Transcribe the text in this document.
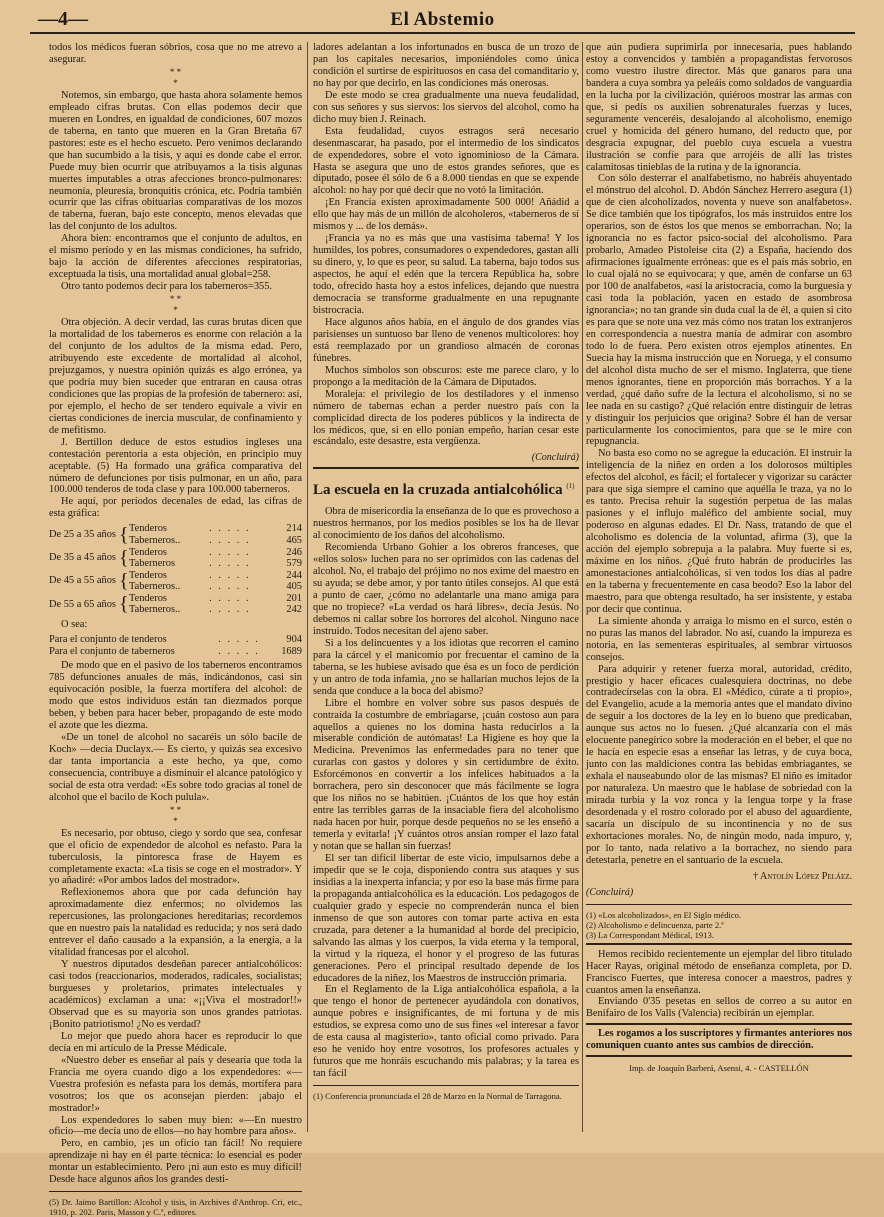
—4—	El Abstemio

todos los médicos fueran sóbrios, cosa que no me atrevo a asegurar.

* *
*

Notemos, sin embargo, que hasta ahora solamente hemos empleado cifras brutas. Con ellas podemos decir que mueren en Londres, en igualdad de condiciones, 607 mozos de taberna, en tanto que mueren en la Gran Bretaña 67 pastores: este es el hecho escueto. Pero venimos declarando que han sucumbido a la tisis, y aquí es donde cabe el error. Puede muy bien ocurrir que atribuyamos a la tisis algunas muertes imputables a otras afecciones bronco-pulmonares: neumonía, pleuresía, bronquitis crónica, etc. Podría también ocurrir que las cifras obituarias comparativas de los mozos de taberna, fueran, bajo este concepto, menos elevadas que las del conjunto de los adultos.

Ahora bien: encontramos que el conjunto de adultos, en el mismo período y en las mismas condiciones, ha sufrido, bajo la acción de diferentes afecciones respiratorias, exceptuada la tisis, una mortalidad anual global=258.

Otro tanto podemos decir para los taberneros=355.

* *
*

Otra objeción. A decir verdad, las curas brutas dicen que la mortalidad de los taberneros es enorme con relación a la del conjunto de los adultos de la misma edad. Pero, atribuyendo este excedente de mortalidad al alcohol, prejuzgamos, y nuestra opinión quizás es algo errónea, ya que podría muy bien suceder que entraran en causa otras condiciones que las propias de la profesión de tabernero: así, por ejemplo, el hecho de ser tendero equivale a vivir en ciertas condiciones de inercia muscular, de confinamiento y de mefitismo.

J. Bertillon deduce de estos estudios ingleses una contestación perentoria a esta objeción, en principio muy aceptable. (5) Ha formado una gráfica comparativa del número de defunciones por tisis pulmonar, en un año, para 100.000 tenderos de toda clase y para 100.000 taberneros.

He aquí, por períodos decenales de edad, las cifras de esta gráfica:

De 25 a 35 años	{	Tenderos	. . . . .	214
		Taberneros..	. . . . .	465
De 35 a 45 años	{	Tenderos	. . . . .	246
		Taberneros	. . . . .	579
De 45 a 55 años	{	Tenderos	. . . . .	244
		Taberneros..	. . . . .	405
De 55 a 65 años	{	Tenderos	. . . . .	201
		Taberneros..	. . . . .	242

O sea:

Para el conjunto de tenderos	. . . . .	904
Para el conjunto de taberneros	. . . . .	1689

De modo que en el pasivo de los taberneros encontramos 785 defunciones anuales de más, indicándonos, casi sin equivocación posible, la fuerza mortífera del alcohol: de modo que estos individuos están tan diezmados porque beben, y beben para hacer beber, propagando de este modo el azote que les diezma.

«De un tonel de alcohol no sacaréis un sólo bacile de Koch» —decía Duclayx.— Es cierto, y quizás sea excesivo dar tanta importancia a este hecho, ya que, como consecuencia, contribuye a disminuir el alcance patológico y social de esta otra verdad: «Es sobre todo gracias al tonel de alcohol que el bacilo de Koch pulula».

* *
*

Es necesario, por obtuso, ciego y sordo que sea, confesar que el oficio de expendedor de alcohol es nefasto. Para la tuberculosis, la pintoresca frase de Hayem es completamente exacta: «La tisis se coge en el mostrador». Y yo añadiré: «Por ambos lados del mostrador».

Reflexionemos ahora que por cada defunción hay aproximadamente diez enfermos; no olvidemos las repercusiones, las prolongaciones hereditarias; recordemos que en nuestro país la natalidad es reducida; y nos será dado entrever el daño causado a la expansión, a la energía, a la vitalidad francesas por el alcohol.

Y nuestros diputados desdeñan parecer antialcohólicos: casi todos (reaccionarios, moderados, radicales, socialistas; burgueses y proletarios, primates intelectuales y académicos) exclaman a una: «¡¡Viva el mostrador!!» Observad que es su mayoría son unos grandes patriotas. ¡Bonito patriotismo! ¿No es verdad?

Lo mejor que puedo ahora hacer es reproducir lo que decía en mi artículo de la Presse Médicale.

«Nuestro deber es enseñar al país y desearía que toda la Francia me oyera cuando digo a los expendedores: «—Vuestra profesión es nefasta para los demás, mortífera para vosotros; los que os aconsejan pierden: ¡abajo el mostrador!»

Los expendedores lo saben muy bien: «—En nuestro oficio—me decía uno de ellos—no hay hombre para años».

Pero, en cambio, ¡es un oficio tan fácil! No requiere aprendizaje ni hay en él parte técnica: lo esencial es poder montar un establecimiento. Pero ¡ni aun esto es muy difícil! Desde hace algunos años los grandes desti-

(5) Dr. Jaimo Bartillon: Alcohol y tisis, in Archives d'Anthrop. Cri, etc., 1910, p. 202. Paris, Masson y C.ª, editores.

ladores adelantan a los infortunados en busca de un trozo de pan los capitales necesarios, imponiéndoles como única condición el surtirse de espirituosos en casa del comanditario y, no hay por que decirlo, en las condiciones más onerosas.

De este modo se crea gradualmente una nueva feudalidad, con sus señores y sus siervos: los siervos del alcohol, como ha dicho muy bien J. Reinach.

Esta feudalidad, cuyos estragos será necesario desenmascarar, ha pasado, por el intermedio de los sindicatos de expendedores, sobre el voto ignominioso de la Cámara. Hasta se asegura que uno de estos grandes señores, que es diputado, posee él sólo de 6 a 8.000 tiendas en que se expende alcohol: no hay por qué decir que no votó la limitación.

¡En Francia existen aproximadamente 500 000! Añádid a ello que hay más de un millón de alcoholeros, «taberneros de sí mismos y ... de los demás».

¡Francia ya no es más que una vastísima taberna! Y los humildes, los pobres, consumadores o expendedores, gastan allí su dinero, y, lo que es peor, su salud. La taberna, bajo todos sus aspectos, he aquí el edén que la tercera República ha, sobre todo, ofrecido hasta hoy a estos infelices, dejando que nuestra democracia se transforme gradualmente en una repugnante bistrocracia.

Hace algunos años había, en el ángulo de dos grandes vías parisienses un suntuoso bar lleno de venenos multicolores: hoy está reemplazado por un grandioso almacén de coronas fúnebres.

Muchos símbolos son obscuros: este me parece claro, y lo propongo a la meditación de la Cámara de Diputados.

Moraleja: el privilegio de los destiladores y el inmenso número de tabernas echan a perder nuestro país con la complicidad directa de los poderes públicos y la indirecta de los médicos, que, si en ello ponían empeño, harían cesar este escándalo, este desastre, esta vergüenza.

(Concluirá)
La escuela en la cruzada antialcohólica $^{(1)}$

Obra de misericordia la enseñanza de lo que es provechoso a nuestros hermanos, por los medios posibles se los ha de llevar al conocimiento de los daños del alcoholismo.

Recomienda Urbano Gohier a los obreros franceses, que «ellos solos» luchen para no ser oprimidos con las cadenas del alcohol. No, el trabajo del prójimo no nos exime del maestro en su ayuda; se debe amor, y por tanto útiles consejos. Al que está a punto de caer, ¿cómo no adelantarle una mano amiga para que no tropiece? «La verdad os hará libres», decía Jesús. No debemos ni callar sobre los horrores del alcohol. Ninguno nace instruido. Todos necesitan del ajeno saber.

Si a los delincuentes y a los idiotas que recorren el camino para la cárcel y el manicomio por frecuentar el camino de la taberna, se les hubiese avisado que ésa es un foco de perdición y un antro de toda infamia, ¿no se hallarían muchos lejos de la senda que conduce a la boca del abismo?

Libre el hombre en volver sobre sus pasos después de contraída la costumbre de embriagarse, ¡cuán costoso aun para aquellos a quienes no los domina hasta reducirlos a la miserable condición de autómatas! La Higiene es hoy que la Medicina. Prevenimos las enfermedades para no tener que curarlas con gastos y dolores y sin certidumbre de éxito. Esforcémonos en convertir a los infelices habituados a la borrachera, pero sin desconocer que más fácilmente se logra que los niños no se habitúen. ¡Cuántos de los que hoy están entre las terribles garras de la insaciable fiera del alcoholismo nada hacen por huir, porque desde pequeños no se les enseñó a temerla y evitarla! ¡Y cuántos otros ansían romper el lazo fatal y notan que se hallan sin fuerzas!

El ser tan difícil libertar de este vicio, impulsarnos debe a impedir que se le coja, disponiendo contra sus ataques y sus insidias a la inexperta infancia; y por eso la base más firme para la propaganda antialcohólica es la educación. Los pedagogos de cualquier grado y especie no comprenderán nunca el bien inmenso de que son autores con tomar parte activa en esta cruzada, para detener a la humanidad al borde del precipicio, salvando las almas y los cuerpos, la vida eterna y la temporal, la virtud y la riqueza, el honor y el progreso de las futuras generaciones. Pero el principal resultado depende de los educadores de la niñez, los Maestros de instrucción primaria.

En el Reglamento de la Liga antialcohólica española, a la que tengo el honor de pertenecer ayudándola con donativos, aunque pobres e insignificantes, de mi fortuna y de mis estudios, se expresa como uno de sus fines «el interesar a favor de esta causa al magisterio», tanto oficial como privado. Para eso he venido hoy entre vosotros, los profesores actuales y futuros que me honráis escuchando mis palabras; y la tarea es tan fácil

(1) Conferencia pronunciada el 28 de Marzo en la Normal de Tarragona.

que aún pudiera suprimirla por innecesaria, pues hablando estoy a convencidos y también a propagandistas fervorosos como vuestro ilustre director. Más que ganaros para una bandera a cuya sombra ya peleáis como soldados de vanguardia en la lucha por la civilización, quiéroos mostrar las armas con que, si pedís os auxilien sobrenaturales fuerzas y luces, seguramente venceréis, desalojando al alcoholismo, enemigo cruel y homicida del género humano, del reducto que, por desgracia expugnar, del pueblo cuya escuela a vuestra ilustración se confíe para que arrojéis de allí las tristes calamitosas tinieblas de la rutina y de la ignorancia.

Con sólo desterrar el analfabetismo, no habréis ahuyentado el mónstruo del alcohol. D. Abdón Sánchez Herrero asegura (1) que de cien alcoholizados, noventa y nueve son analfabetos». Se dice también que los tipógrafos, los más instruidos entre los operarios, son de éstos los que menos se emborrachan. No; la ignorancia no es factor psico-social del alcoholismo. Para probarlo, Amadeo Pistoleise cita (2) a España, haciendo dos afirmaciones igualmente erróneas: que es el país más sobrio, en lo cual ojalá no se equivocara; y que, amén de confarse un 63 por 100 de analfabetos, «así la aristocracia, como la burguesía y casi toda la población, yacen en estado de asombrosa ignorancia»; no tan grande sin duda cual la de él, a quien si cito es para que se note una vez más cómo nos tratan los extranjeros en correspondencia a nuestra manía de admirar con asombro todo lo de fuera. Pero existen otros ejemplos atinentes. En Suecia hay la misma instrucción que en Noruega, y el consumo del alcohol dista mucho de ser el mismo. Inglaterra, que tiene menos ignorantes, tiene en proporción más borrachos. Y a la verdad, ¿qué daño sufre de la lectura el alcoholismo, si no se lee nada en su castigo? ¿Qué relación entre distinguir de letras y distinguir los perjuicios que origina? Sobre él han de versar particularmente los conocimientos, para que se le mire con repugnancia.

No basta eso como no se agregue la educación. El instruir la inteligencia de la niñez en orden a los dolorosos múltiples efectos del alcohol, es fácil; el fortalecer y vigorizar su carácter para que siga siempre el camino que aquélla le traza, ya no lo es tanto. Precisa rehuir la sugestión perpetua de las malas pasiones y el influjo maléfico del ambiente social, muy poderoso en algunas edades. El Dr. Nass, tratando de que el alcoholismo es dolencia de la voluntad, afirma (3), que la acción del ejemplo sobrepuja a la palabra. Muy fuerte si es, máxime en los niños. ¿Qué fruto habrán de producirles las amonestaciones antialcohólicas, si ven todos los días al padre en la taberna y frecuentemente en casa beodo? Eso la labor del maestro, para que obtenga resultado, ha ser insistente, y estaba por decir que continua.

La simiente ahonda y arraiga lo mismo en el surco, estén o no puras las manos del labrador. No así, cuando la impureza es notoria, en las sementeras espirituales, al sembrar virtuosos consejos.

Para adquirir y retener fuerza moral, autoridad, crédito, prestigio y hacer eficaces cualesquiera doctrinas, no debe contradecírselas con la obra. El «Médico, cúrate a ti propio», del Evangelio, acude a la memoria antes que el mandato divino de seguir a los doctores de la ley en lo bueno que predicaban, aunque sus actos no lo fuesen. ¿Qué alcanzaría con el más elocuente panegírico sobre la moderación en el beber, el que no le hacía en especie esas a enseñar las letras, y de cuya boca, junto con las maldiciones contra las bebidas embriagantes, se exhala el nauseabundo olor de las mismas? El niño es imitador por naturaleza. Un maestro que le hablase de sobriedad con la mirada turbia y la voz ronca y la lengua torpe y la frase desordenada y el rostro colorado por el abuso del aguardiente, sacaría un discípulo de su incontinencia y no de sus exhortaciones morales. No, de ningún modo, nada impuro, y, por lo tanto, nada relativo a la borrachez, no siendo para detestarla, penetre en el santuario de la escuela.

† Antolín López Peláez.
(Concluirá)

(1) «Los alcoholizados», en El Siglo médico.

(2) Alcoholismo e delincuenza, parte 2.ª

(3) La Correspondant Médical, 1913.

Hemos recibido recientemente un ejemplar del libro titulado Hacer Rayas, original método de enseñanza completa, por D. Francisco Fuertes, que interesa conocer a maestros, padres y cuantos amen la enseñanza.

Enviando 0'35 pesetas en sellos de correo a su autor en Benifairo de los Valls (Valencia) recibirán un ejemplar.

Les rogamos a los suscriptores y firmantes anteriores nos comuniquen cuanto antes sus cambios de dirección.

Imp. de Joaquín Barberá, Asensi, 4. - CASTELLÓN
